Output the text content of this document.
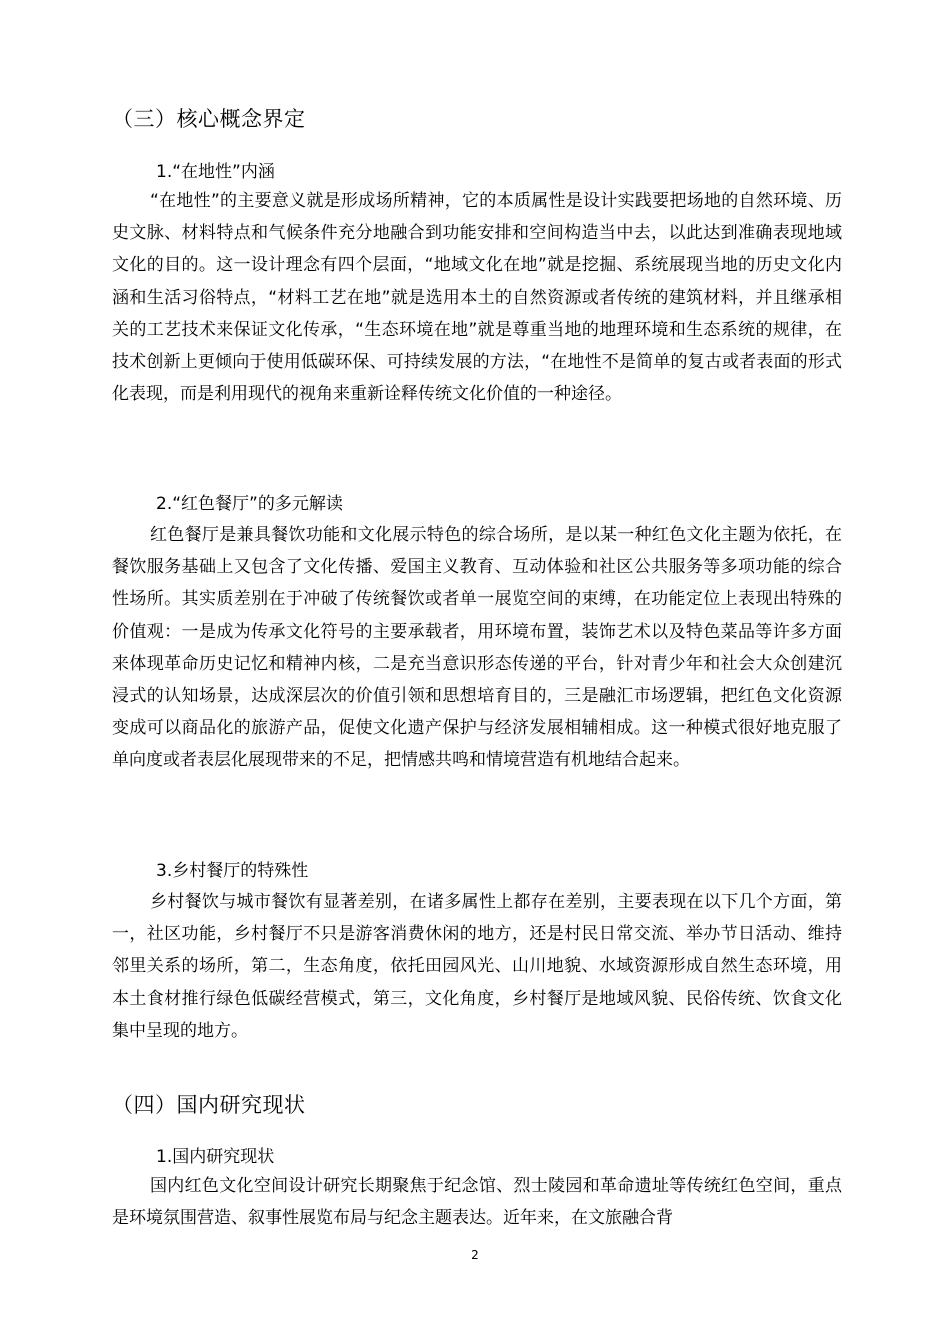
（三）核心概念界定
1.“在地性”内涵
“在地性”的主要意义就是形成场所精神，它的本质属性是设计实践要把场地的自然环境、历史文脉、材料特点和气候条件充分地融合到功能安排和空间构造当中去，以此达到准确表现地域文化的目的。这一设计理念有四个层面，“地域文化在地”就是挖掘、系统展现当地的历史文化内涵和生活习俗特点，“材料工艺在地”就是选用本土的自然资源或者传统的建筑材料，并且继承相关的工艺技术来保证文化传承，“生态环境在地”就是尊重当地的地理环境和生态系统的规律，在技术创新上更倾向于使用低碳环保、可持续发展的方法，“在地性不是简单的复古或者表面的形式化表现，而是利用现代的视角来重新诠释传统文化价值的一种途径。
2.“红色餐厅”的多元解读
红色餐厅是兼具餐饮功能和文化展示特色的综合场所，是以某一种红色文化主题为依托，在餐饮服务基础上又包含了文化传播、爱国主义教育、互动体验和社区公共服务等多项功能的综合性场所。其实质差别在于冲破了传统餐饮或者单一展览空间的束缚，在功能定位上表现出特殊的价值观：一是成为传承文化符号的主要承载者，用环境布置，装饰艺术以及特色菜品等许多方面来体现革命历史记忆和精神内核，二是充当意识形态传递的平台，针对青少年和社会大众创建沉浸式的认知场景，达成深层次的价值引领和思想培育目的，三是融汇市场逻辑，把红色文化资源变成可以商品化的旅游产品，促使文化遗产保护与经济发展相辅相成。这一种模式很好地克服了单向度或者表层化展现带来的不足，把情感共鸣和情境营造有机地结合起来。
3.乡村餐厅的特殊性
乡村餐饮与城市餐饮有显著差别，在诸多属性上都存在差别，主要表现在以下几个方面，第一，社区功能，乡村餐厅不只是游客消费休闲的地方，还是村民日常交流、举办节日活动、维持邻里关系的场所，第二，生态角度，依托田园风光、山川地貌、水域资源形成自然生态环境，用本土食材推行绿色低碳经营模式，第三，文化角度，乡村餐厅是地域风貌、民俗传统、饮食文化集中呈现的地方。
（四）国内研究现状
1.国内研究现状
国内红色文化空间设计研究长期聚焦于纪念馆、烈士陵园和革命遗址等传统红色空间，重点是环境氛围营造、叙事性展览布局与纪念主题表达。近年来，在文旅融合背
2
